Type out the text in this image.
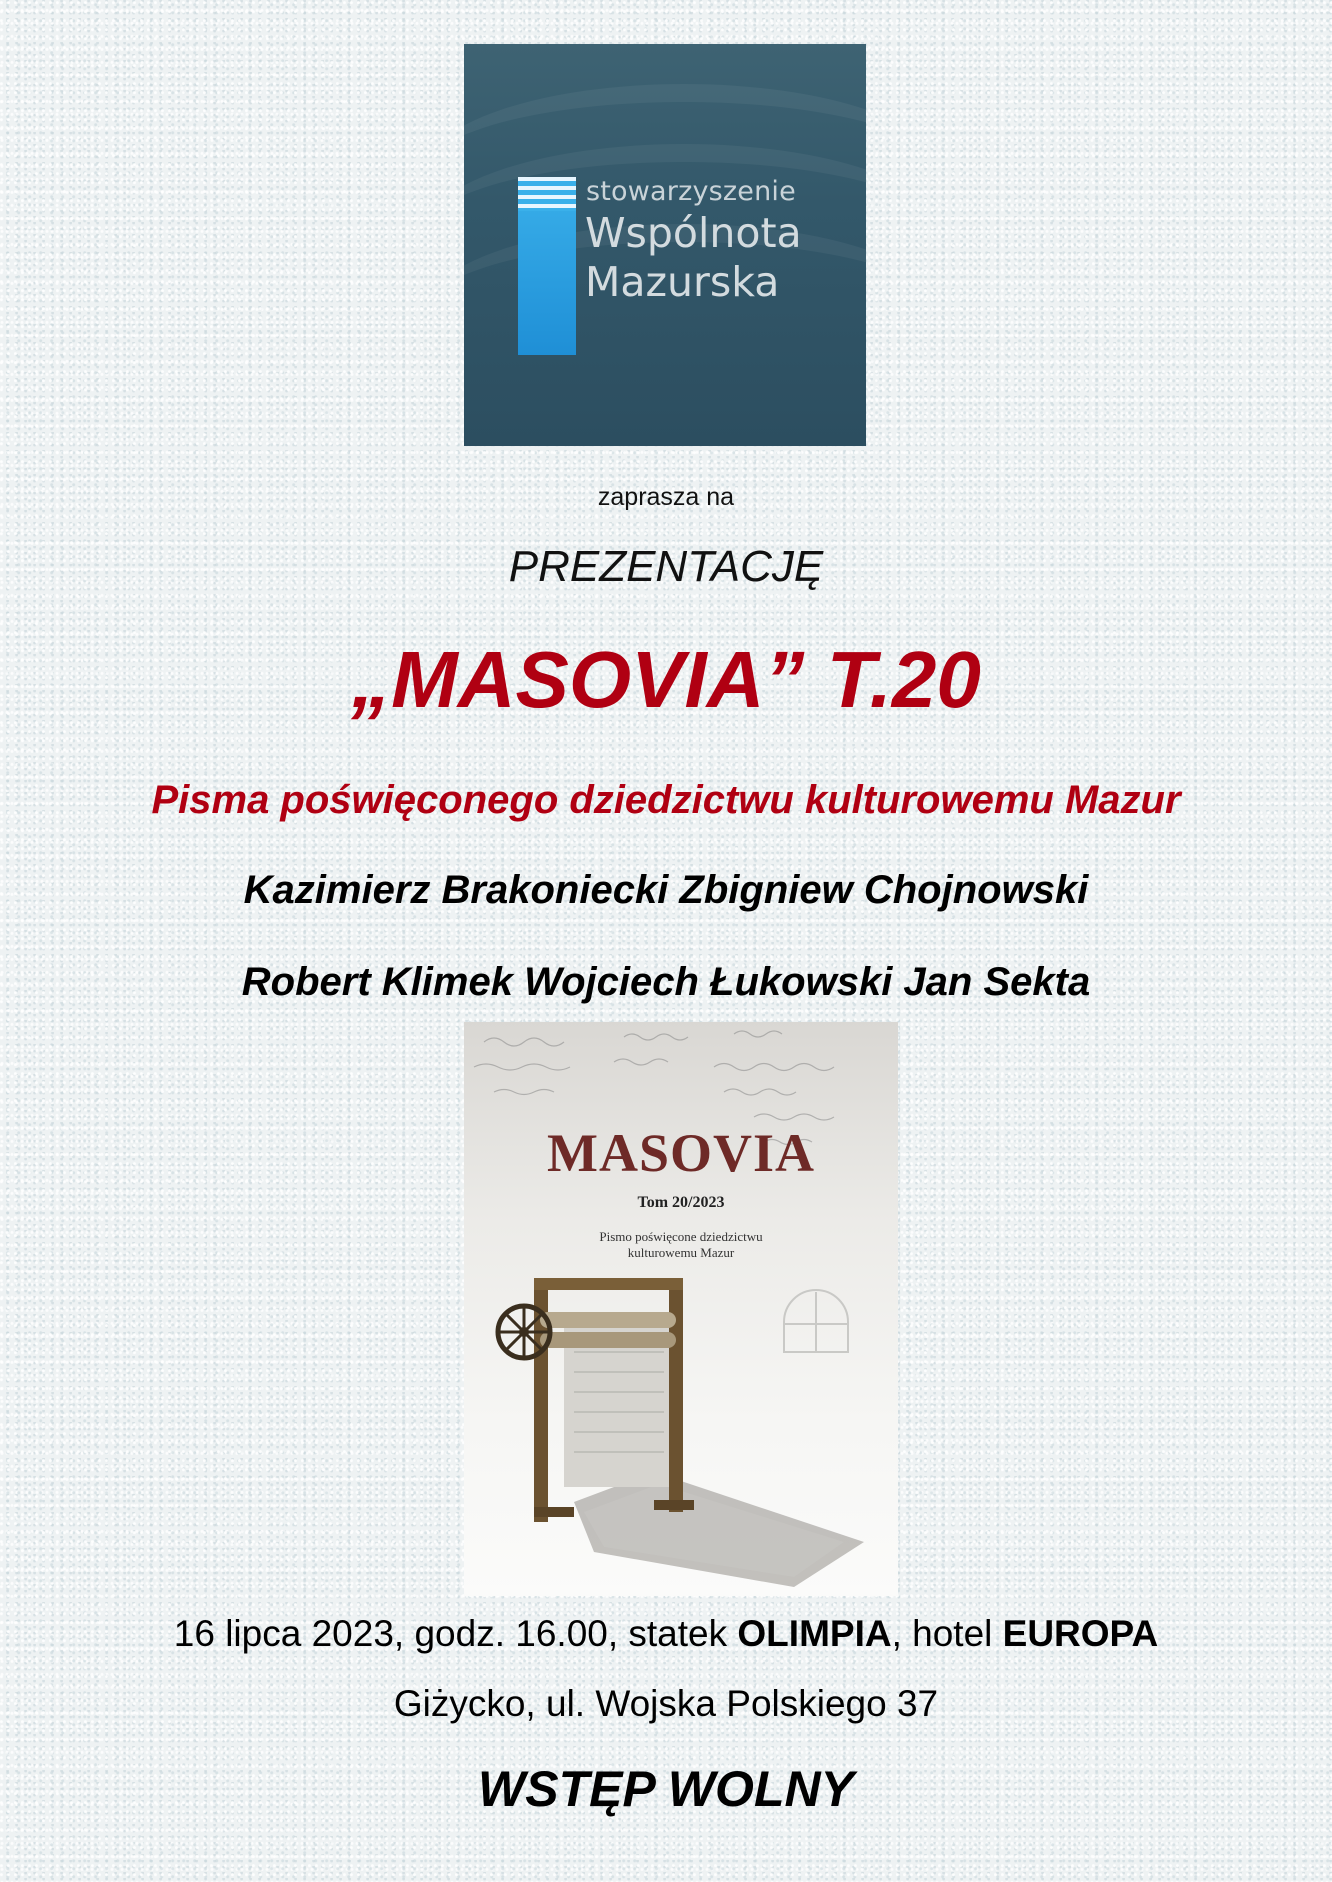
stowarzyszenie
Wspólnota
Mazurska
zaprasza na
PREZENTACJĘ
„MASOVIA” T.20
Pisma poświęconego dziedzictwu kulturowemu Mazur
Kazimierz Brakoniecki Zbigniew Chojnowski
Robert Klimek Wojciech Łukowski Jan Sekta
MASOVIA
Tom 20/2023
Pismo poświęcone dziedzictwu
kulturowemu Mazur
16 lipca 2023, godz. 16.00, statek OLIMPIA, hotel EUROPA
Giżycko, ul. Wojska Polskiego 37
WSTĘP WOLNY
